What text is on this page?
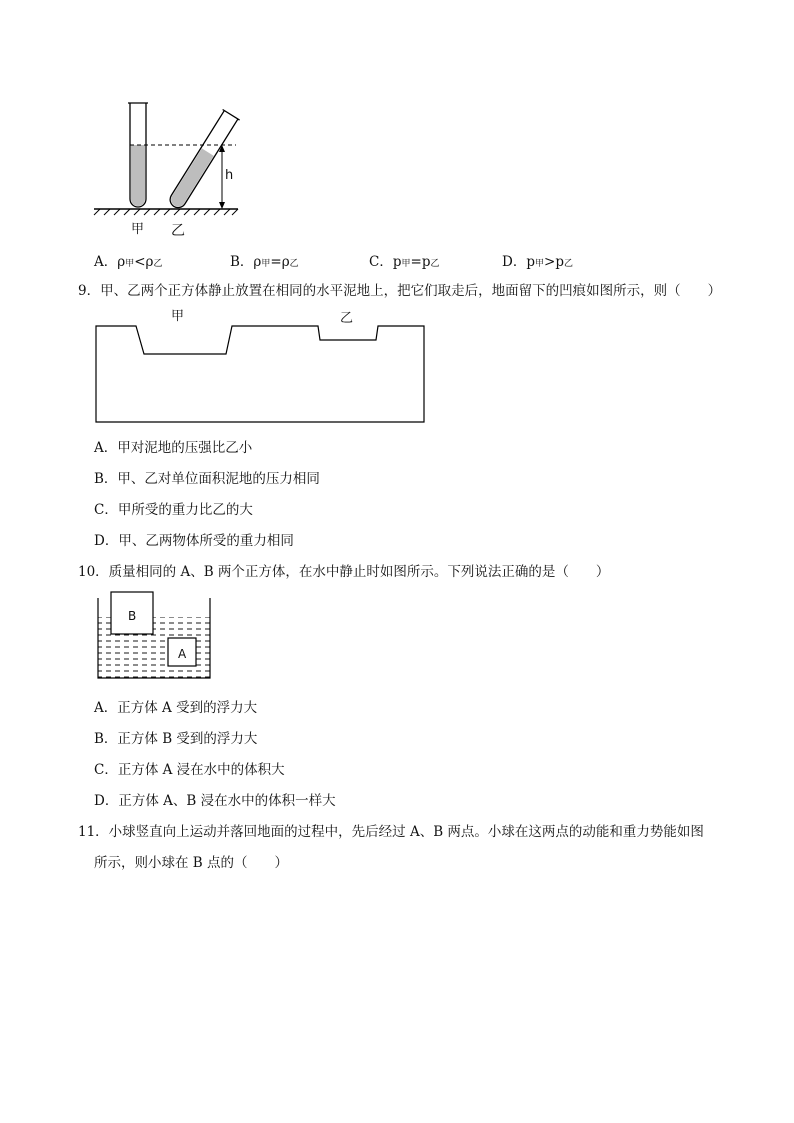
h
甲 乙
A．ρ甲<ρ乙	B．ρ甲=ρ乙	C．p甲=p乙	D．p甲>p乙
9．甲、乙两个正方体静止放置在相同的水平泥地上，把它们取走后，地面留下的凹痕如图所示，则（　　）
甲	乙
A．甲对泥地的压强比乙小
B．甲、乙对单位面积泥地的压力相同
C．甲所受的重力比乙的大
D．甲、乙两物体所受的重力相同
10．质量相同的 A、B 两个正方体，在水中静止时如图所示。下列说法正确的是（　　）
B
A
A．正方体 A 受到的浮力大
B．正方体 B 受到的浮力大
C．正方体 A 浸在水中的体积大
D．正方体 A、B 浸在水中的体积一样大
11．小球竖直向上运动并落回地面的过程中，先后经过 A、B 两点。小球在这两点的动能和重力势能如图
所示，则小球在 B 点的（　　）
